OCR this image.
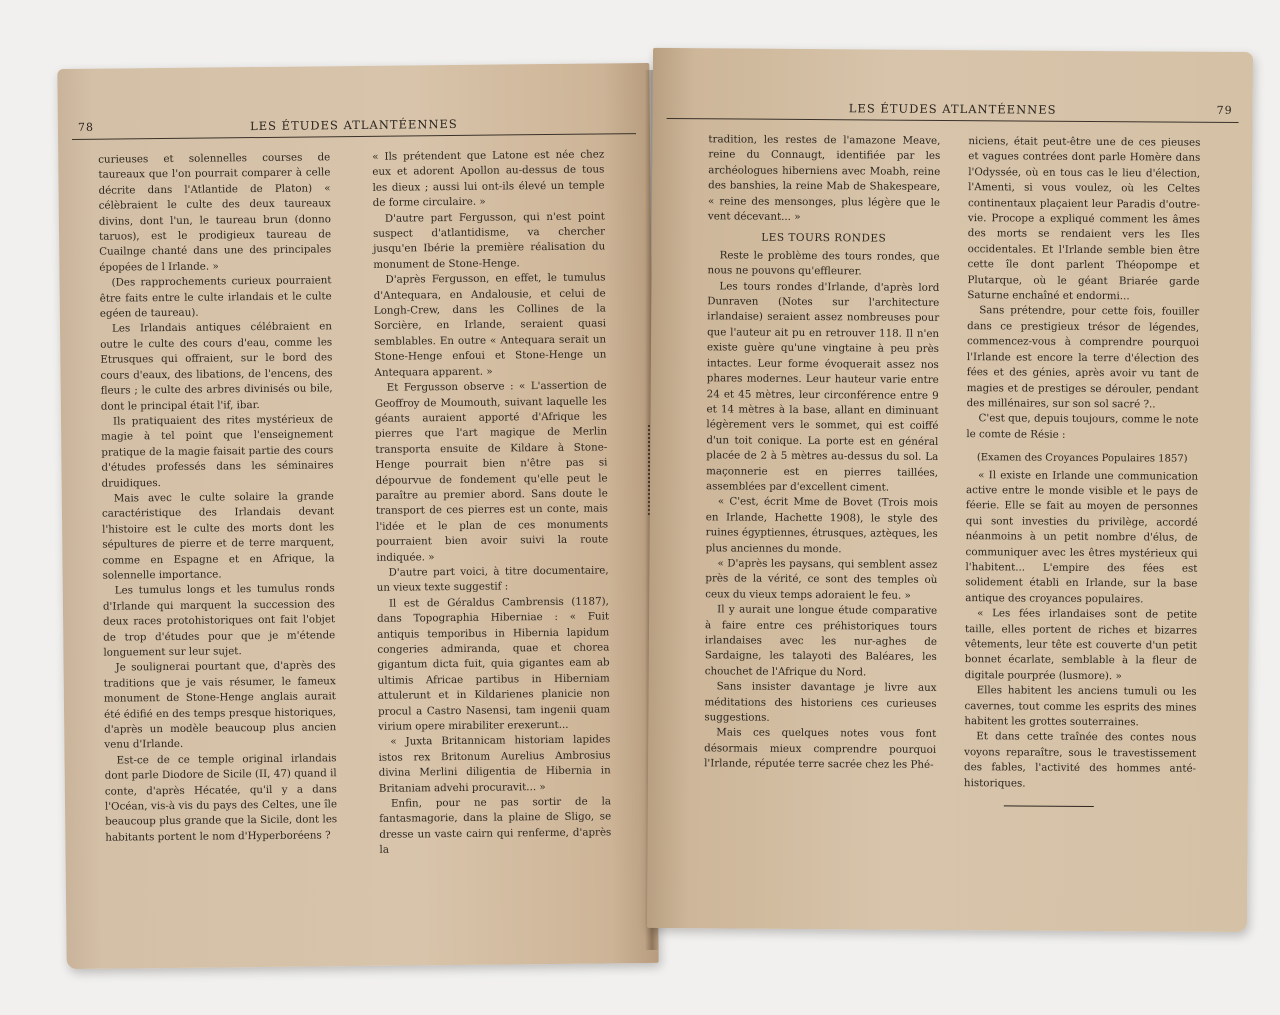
78	LES ÉTUDES ATLANTÉENNES

curieuses et solennelles courses de taureaux que l'on pourrait comparer à celle décrite dans l'Atlantide de Platon) « célèbraient le culte des deux taureaux divins, dont l'un, le taureau brun (donno taruos), est le prodigieux taureau de Cuailnge chanté dans une des principales épopées de l Irlande. »

(Des rapprochements curieux pourraient être faits entre le culte irlandais et le culte egéen de taureau).

Les Irlandais antiques célébraient en outre le culte des cours d'eau, comme les Etrusques qui offraient, sur le bord des cours d'eaux, des libations, de l'encens, des fleurs ; le culte des arbres divinisés ou bile, dont le principal était l'if, ibar.

Ils pratiquaient des rites mystérieux de magie à tel point que l'enseignement pratique de la magie faisait partie des cours d'études professés dans les séminaires druidiques.

Mais avec le culte solaire la grande caractéristique des Irlandais devant l'histoire est le culte des morts dont les sépultures de pierre et de terre marquent, comme en Espagne et en Afrique, la solennelle importance.

Les tumulus longs et les tumulus ronds d'Irlande qui marquent la succession des deux races protohistoriques ont fait l'objet de trop d'études pour que je m'étende longuement sur leur sujet.

Je soulignerai pourtant que, d'après des traditions que je vais résumer, le fameux monument de Stone-Henge anglais aurait été édifié en des temps presque historiques, d'après un modèle beaucoup plus ancien venu d'Irlande.

Est-ce de ce temple original irlandais dont parle Diodore de Sicile (II, 47) quand il conte, d'après Hécatée, qu'il y a dans l'Océan, vis-à vis du pays des Celtes, une île beaucoup plus grande que la Sicile, dont les habitants portent le nom d'Hyperboréens ?

« Ils prétendent que Latone est née chez eux et adorent Apollon au-dessus de tous les dieux ; aussi lui ont-ils élevé un temple de forme circulaire. »

D'autre part Fergusson, qui n'est point suspect d'atlantidisme, va chercher jusqu'en Ibérie la première réalisation du monument de Stone-Henge.

D'après Fergusson, en effet, le tumulus d'Antequara, en Andalousie, et celui de Longh-Crew, dans les Collines de la Sorcière, en Irlande, seraient quasi semblables. En outre « Antequara serait un Stone-Henge enfoui et Stone-Henge un Antequara apparent. »

Et Fergusson observe : « L'assertion de Geoffroy de Moumouth, suivant laquelle les géants auraient apporté d'Afrique les pierres que l'art magique de Merlin transporta ensuite de Kildare à Stone-Henge pourrait bien n'être pas si dépourvue de fondement qu'elle peut le paraître au premier abord. Sans doute le transport de ces pierres est un conte, mais l'idée et le plan de ces monuments pourraient bien avoir suivi la route indiquée. »

D'autre part voici, à titre documentaire, un vieux texte suggestif :

Il est de Géraldus Cambrensis (1187), dans Topographia Hiberniae : « Fuit antiquis temporibus in Hibernia lapidum congeries admiranda, quae et chorea gigantum dicta fuit, quia gigantes eam ab ultimis Africae partibus in Hiberniam attulerunt et in Kildarienes planicie non procul a Castro Nasensi, tam ingenii quam virium opere mirabiliter erexerunt...

« Juxta Britannicam historiam lapides istos rex Britonum Aurelius Ambrosius divina Merlini diligentia de Hibernia in Britaniam advehi procuravit... »

Enfin, pour ne pas sortir de la fantasmagorie, dans la plaine de Sligo, se dresse un vaste cairn qui renferme, d'après la

LES ÉTUDES ATLANTÉENNES	79

tradition, les restes de l'amazone Meave, reine du Connaugt, identifiée par les archéologues hiberniens avec Moabh, reine des banshies, la reine Mab de Shakespeare, « reine des mensonges, plus légère que le vent décevant... »

LES TOURS RONDES

Reste le problème des tours rondes, que nous ne pouvons qu'effleurer.

Les tours rondes d'Irlande, d'après lord Dunraven (Notes sur l'architecture irlandaise) seraient assez nombreuses pour que l'auteur ait pu en retrouver 118. Il n'en existe guère qu'une vingtaine à peu près intactes. Leur forme évoquerait assez nos phares modernes. Leur hauteur varie entre 24 et 45 mètres, leur circonférence entre 9 et 14 mètres à la base, allant en diminuant légèrement vers le sommet, qui est coiffé d'un toit conique. La porte est en général placée de 2 à 5 mètres au-dessus du sol. La maçonnerie est en pierres taillées, assemblées par d'excellent ciment.

« C'est, écrit Mme de Bovet (Trois mois en Irlande, Hachette 1908), le style des ruines égyptiennes, étrusques, aztèques, les plus anciennes du monde.

« D'après les paysans, qui semblent assez près de la vérité, ce sont des temples où ceux du vieux temps adoraient le feu. »

Il y aurait une longue étude comparative à faire entre ces préhistoriques tours irlandaises avec les nur-aghes de Sardaigne, les talayoti des Baléares, les chouchet de l'Afrique du Nord.

Sans insister davantage je livre aux méditations des historiens ces curieuses suggestions.

Mais ces quelques notes vous font désormais mieux comprendre pourquoi l'Irlande, réputée terre sacrée chez les Phé-

niciens, était peut-être une de ces pieuses et vagues contrées dont parle Homère dans l'Odyssée, où en tous cas le lieu d'élection, l'Amenti, si vous voulez, où les Celtes continentaux plaçaient leur Paradis d'outre-vie. Procope a expliqué comment les âmes des morts se rendaient vers les Iles occidentales. Et l'Irlande semble bien être cette île dont parlent Théopompe et Plutarque, où le géant Briarée garde Saturne enchaîné et endormi...

Sans prétendre, pour cette fois, fouiller dans ce prestigieux trésor de légendes, commencez-vous à comprendre pourquoi l'Irlande est encore la terre d'élection des fées et des génies, après avoir vu tant de magies et de prestiges se dérouler, pendant des millénaires, sur son sol sacré ?..

C'est que, depuis toujours, comme le note le comte de Résie :

(Examen des Croyances Populaires 1857)

« Il existe en Irlande une communication active entre le monde visible et le pays de féerie. Elle se fait au moyen de personnes qui sont investies du privilège, accordé néanmoins à un petit nombre d'élus, de communiquer avec les êtres mystérieux qui l'habitent... L'empire des fées est solidement établi en Irlande, sur la base antique des croyances populaires.

« Les fées irlandaises sont de petite taille, elles portent de riches et bizarres vêtements, leur tête est couverte d'un petit bonnet écarlate, semblable à la fleur de digitale pourprée (lusmore). »

Elles habitent les anciens tumuli ou les cavernes, tout comme les esprits des mines habitent les grottes souterraines.

Et dans cette traînée des contes nous voyons reparaître, sous le travestissement des fables, l'activité des hommes anté-historiques.
